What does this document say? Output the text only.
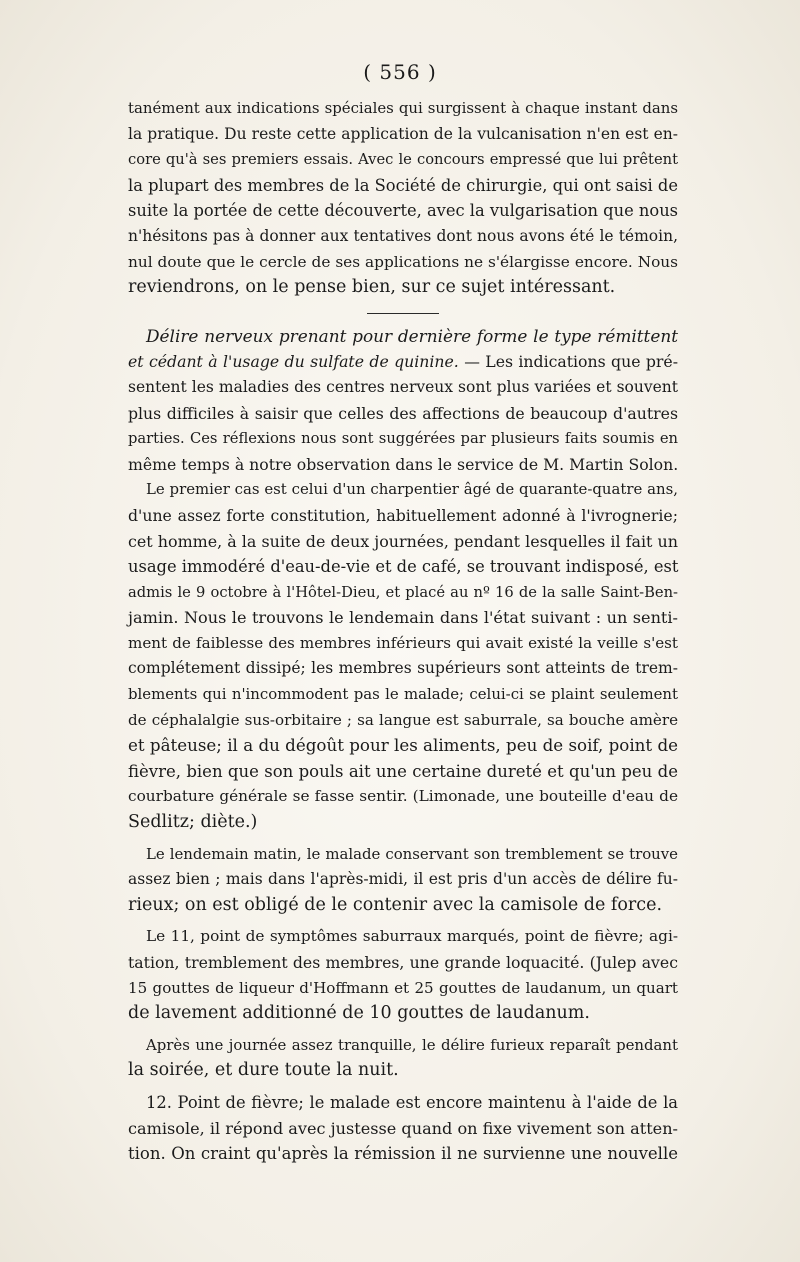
( 556 )
tanément aux indications spéciales qui surgissent à chaque instant dans
la pratique. Du reste cette application de la vulcanisation n'en est en-
core qu'à ses premiers essais. Avec le concours empressé que lui prêtent
la plupart des membres de la Société de chirurgie, qui ont saisi de
suite la portée de cette découverte, avec la vulgarisation que nous
n'hésitons pas à donner aux tentatives dont nous avons été le témoin,
nul doute que le cercle de ses applications ne s'élargisse encore. Nous
reviendrons, on le pense bien, sur ce sujet intéressant.
Délire nerveux prenant pour dernière forme le type rémittent
et cédant à l'usage du sulfate de quinine. — Les indications que pré-
sentent les maladies des centres nerveux sont plus variées et souvent
plus difficiles à saisir que celles des affections de beaucoup d'autres
parties. Ces réflexions nous sont suggérées par plusieurs faits soumis en
même temps à notre observation dans le service de M. Martin Solon.
Le premier cas est celui d'un charpentier âgé de quarante-quatre ans,
d'une assez forte constitution, habituellement adonné à l'ivrognerie;
cet homme, à la suite de deux journées, pendant lesquelles il fait un
usage immodéré d'eau-de-vie et de café, se trouvant indisposé, est
admis le 9 octobre à l'Hôtel-Dieu, et placé au nº 16 de la salle Saint-Ben-
jamin. Nous le trouvons le lendemain dans l'état suivant : un senti-
ment de faiblesse des membres inférieurs qui avait existé la veille s'est
complétement dissipé; les membres supérieurs sont atteints de trem-
blements qui n'incommodent pas le malade; celui-ci se plaint seulement
de céphalalgie sus-orbitaire ; sa langue est saburrale, sa bouche amère
et pâteuse; il a du dégoût pour les aliments, peu de soif, point de
fièvre, bien que son pouls ait une certaine dureté et qu'un peu de
courbature générale se fasse sentir. (Limonade, une bouteille d'eau de
Sedlitz; diète.)
Le lendemain matin, le malade conservant son tremblement se trouve
assez bien ; mais dans l'après-midi, il est pris d'un accès de délire fu-
rieux; on est obligé de le contenir avec la camisole de force.
Le 11, point de symptômes saburraux marqués, point de fièvre; agi-
tation, tremblement des membres, une grande loquacité. (Julep avec
15 gouttes de liqueur d'Hoffmann et 25 gouttes de laudanum, un quart
de lavement additionné de 10 gouttes de laudanum.
Après une journée assez tranquille, le délire furieux reparaît pendant
la soirée, et dure toute la nuit.
12. Point de fièvre; le malade est encore maintenu à l'aide de la
camisole, il répond avec justesse quand on fixe vivement son atten-
tion. On craint qu'après la rémission il ne survienne une nouvelle
